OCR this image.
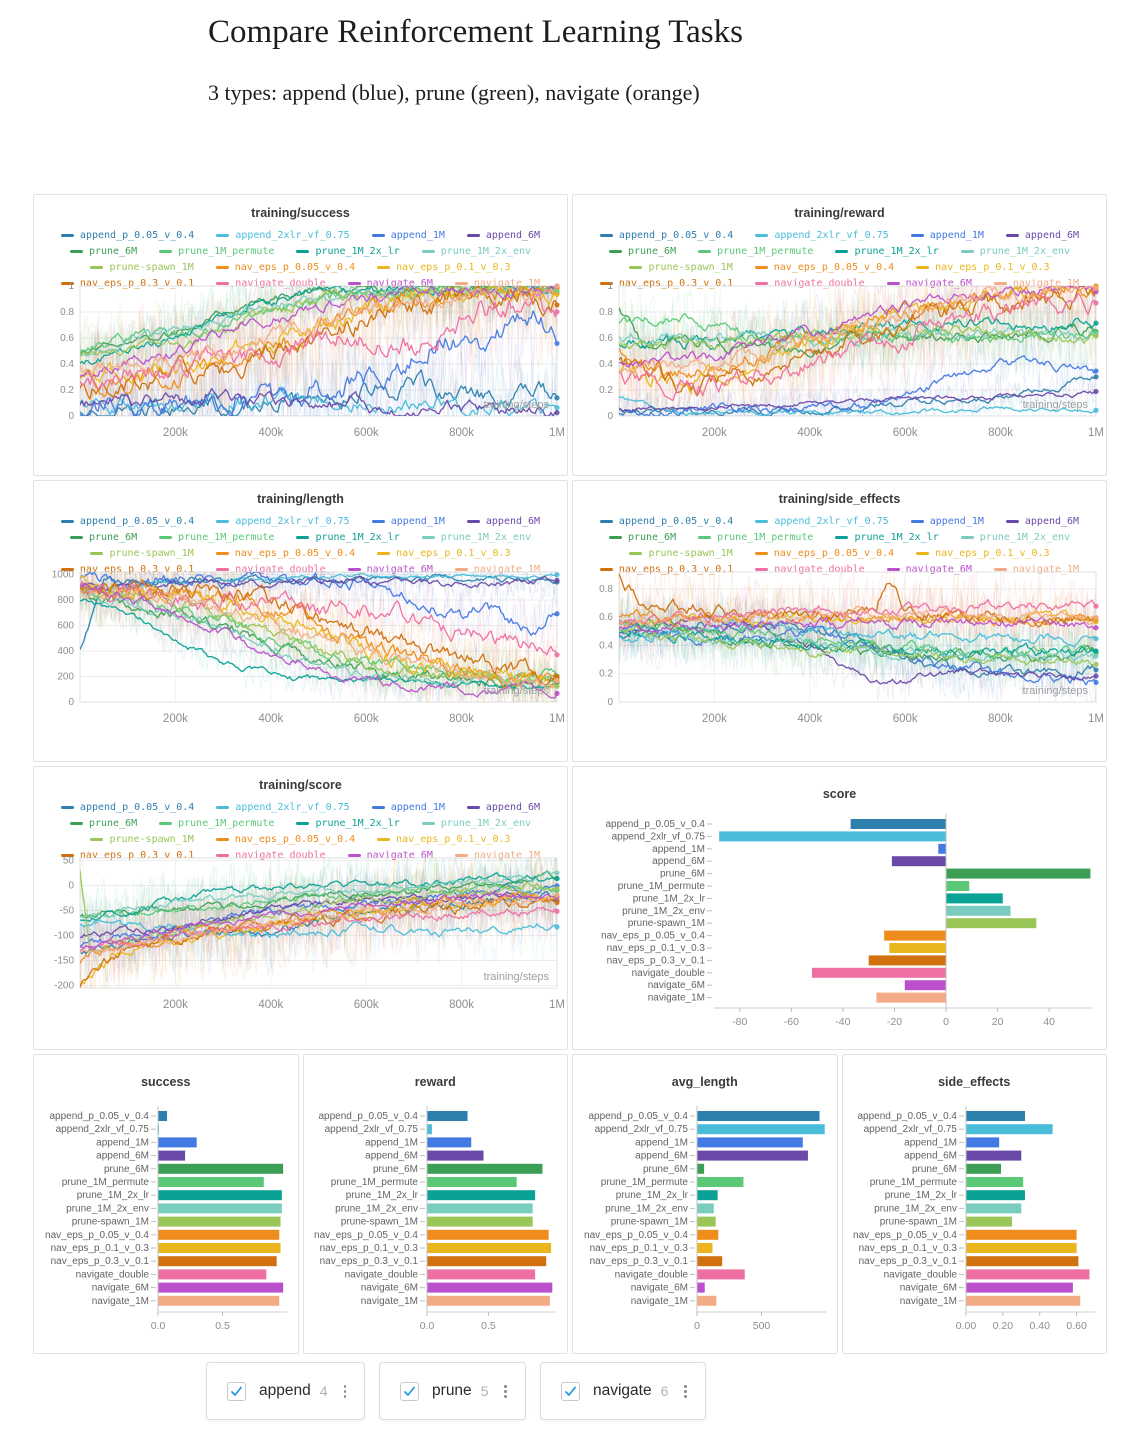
Compare Reinforcement Learning Tasks
3 types: append (blue), prune (green), navigate (orange)
training/success
append_p_0.05_v_0.4	append_2xlr_vf_0.75	append_1M	append_6M
prune_6M	prune_1M_permute	prune_1M_2x_lr	prune_1M_2x_env
prune-spawn_1M	nav_eps_p_0.05_v_0.4	nav_eps_p_0.1_v_0.3
nav_eps_p_0.3_v_0.1	navigate_double	navigate_6M	navigate_1M
0
0.2
0.4
0.6
0.8
1
200k	400k	600k	800k	1M
training/steps
training/reward
append_p_0.05_v_0.4	append_2xlr_vf_0.75	append_1M	append_6M
prune_6M	prune_1M_permute	prune_1M_2x_lr	prune_1M_2x_env
prune-spawn_1M	nav_eps_p_0.05_v_0.4	nav_eps_p_0.1_v_0.3
nav_eps_p_0.3_v_0.1	navigate_double	navigate_6M	navigate_1M
0
0.2
0.4
0.6
0.8
1
200k	400k	600k	800k	1M
training/steps
training/length
append_p_0.05_v_0.4	append_2xlr_vf_0.75	append_1M	append_6M
prune_6M	prune_1M_permute	prune_1M_2x_lr	prune_1M_2x_env
prune-spawn_1M	nav_eps_p_0.05_v_0.4	nav_eps_p_0.1_v_0.3
nav_eps_p_0.3_v_0.1	navigate_double	navigate_6M	navigate_1M
0
200
400
600
800
1000
200k	400k	600k	800k	1M
training/steps
training/side_effects
append_p_0.05_v_0.4	append_2xlr_vf_0.75	append_1M	append_6M
prune_6M	prune_1M_permute	prune_1M_2x_lr	prune_1M_2x_env
prune-spawn_1M	nav_eps_p_0.05_v_0.4	nav_eps_p_0.1_v_0.3
nav_eps_p_0.3_v_0.1	navigate_double	navigate_6M	navigate_1M
0
0.2
0.4
0.6
0.8
200k	400k	600k	800k	1M
training/steps
training/score
append_p_0.05_v_0.4	append_2xlr_vf_0.75	append_1M	append_6M
prune_6M	prune_1M_permute	prune_1M_2x_lr	prune_1M_2x_env
prune-spawn_1M	nav_eps_p_0.05_v_0.4	nav_eps_p_0.1_v_0.3
nav_eps_p_0.3_v_0.1	navigate_double	navigate_6M	navigate_1M
50
0
-50
-100
-150
-200
200k	400k	600k	800k	1M
training/steps
score
append_p_0.05_v_0.4
append_2xlr_vf_0.75
append_1M
append_6M
prune_6M
prune_1M_permute
prune_1M_2x_lr
prune_1M_2x_env
prune-spawn_1M
nav_eps_p_0.05_v_0.4
nav_eps_p_0.1_v_0.3
nav_eps_p_0.3_v_0.1
navigate_double
navigate_6M
navigate_1M
-80	-60	-40	-20	0	20	40
success
append_p_0.05_v_0.4
append_2xlr_vf_0.75
append_1M
append_6M
prune_6M
prune_1M_permute
prune_1M_2x_lr
prune_1M_2x_env
prune-spawn_1M
nav_eps_p_0.05_v_0.4
nav_eps_p_0.1_v_0.3
nav_eps_p_0.3_v_0.1
navigate_double
navigate_6M
navigate_1M
0.0	0.5
reward
append_p_0.05_v_0.4
append_2xlr_vf_0.75
append_1M
append_6M
prune_6M
prune_1M_permute
prune_1M_2x_lr
prune_1M_2x_env
prune-spawn_1M
nav_eps_p_0.05_v_0.4
nav_eps_p_0.1_v_0.3
nav_eps_p_0.3_v_0.1
navigate_double
navigate_6M
navigate_1M
0.0	0.5
avg_length
append_p_0.05_v_0.4
append_2xlr_vf_0.75
append_1M
append_6M
prune_6M
prune_1M_permute
prune_1M_2x_lr
prune_1M_2x_env
prune-spawn_1M
nav_eps_p_0.05_v_0.4
nav_eps_p_0.1_v_0.3
nav_eps_p_0.3_v_0.1
navigate_double
navigate_6M
navigate_1M
0	500
side_effects
append_p_0.05_v_0.4
append_2xlr_vf_0.75
append_1M
append_6M
prune_6M
prune_1M_permute
prune_1M_2x_lr
prune_1M_2x_env
prune-spawn_1M
nav_eps_p_0.05_v_0.4
nav_eps_p_0.1_v_0.3
nav_eps_p_0.3_v_0.1
navigate_double
navigate_6M
navigate_1M
0.00 0.20 0.40 0.60
append 4	prune 5	navigate 6
